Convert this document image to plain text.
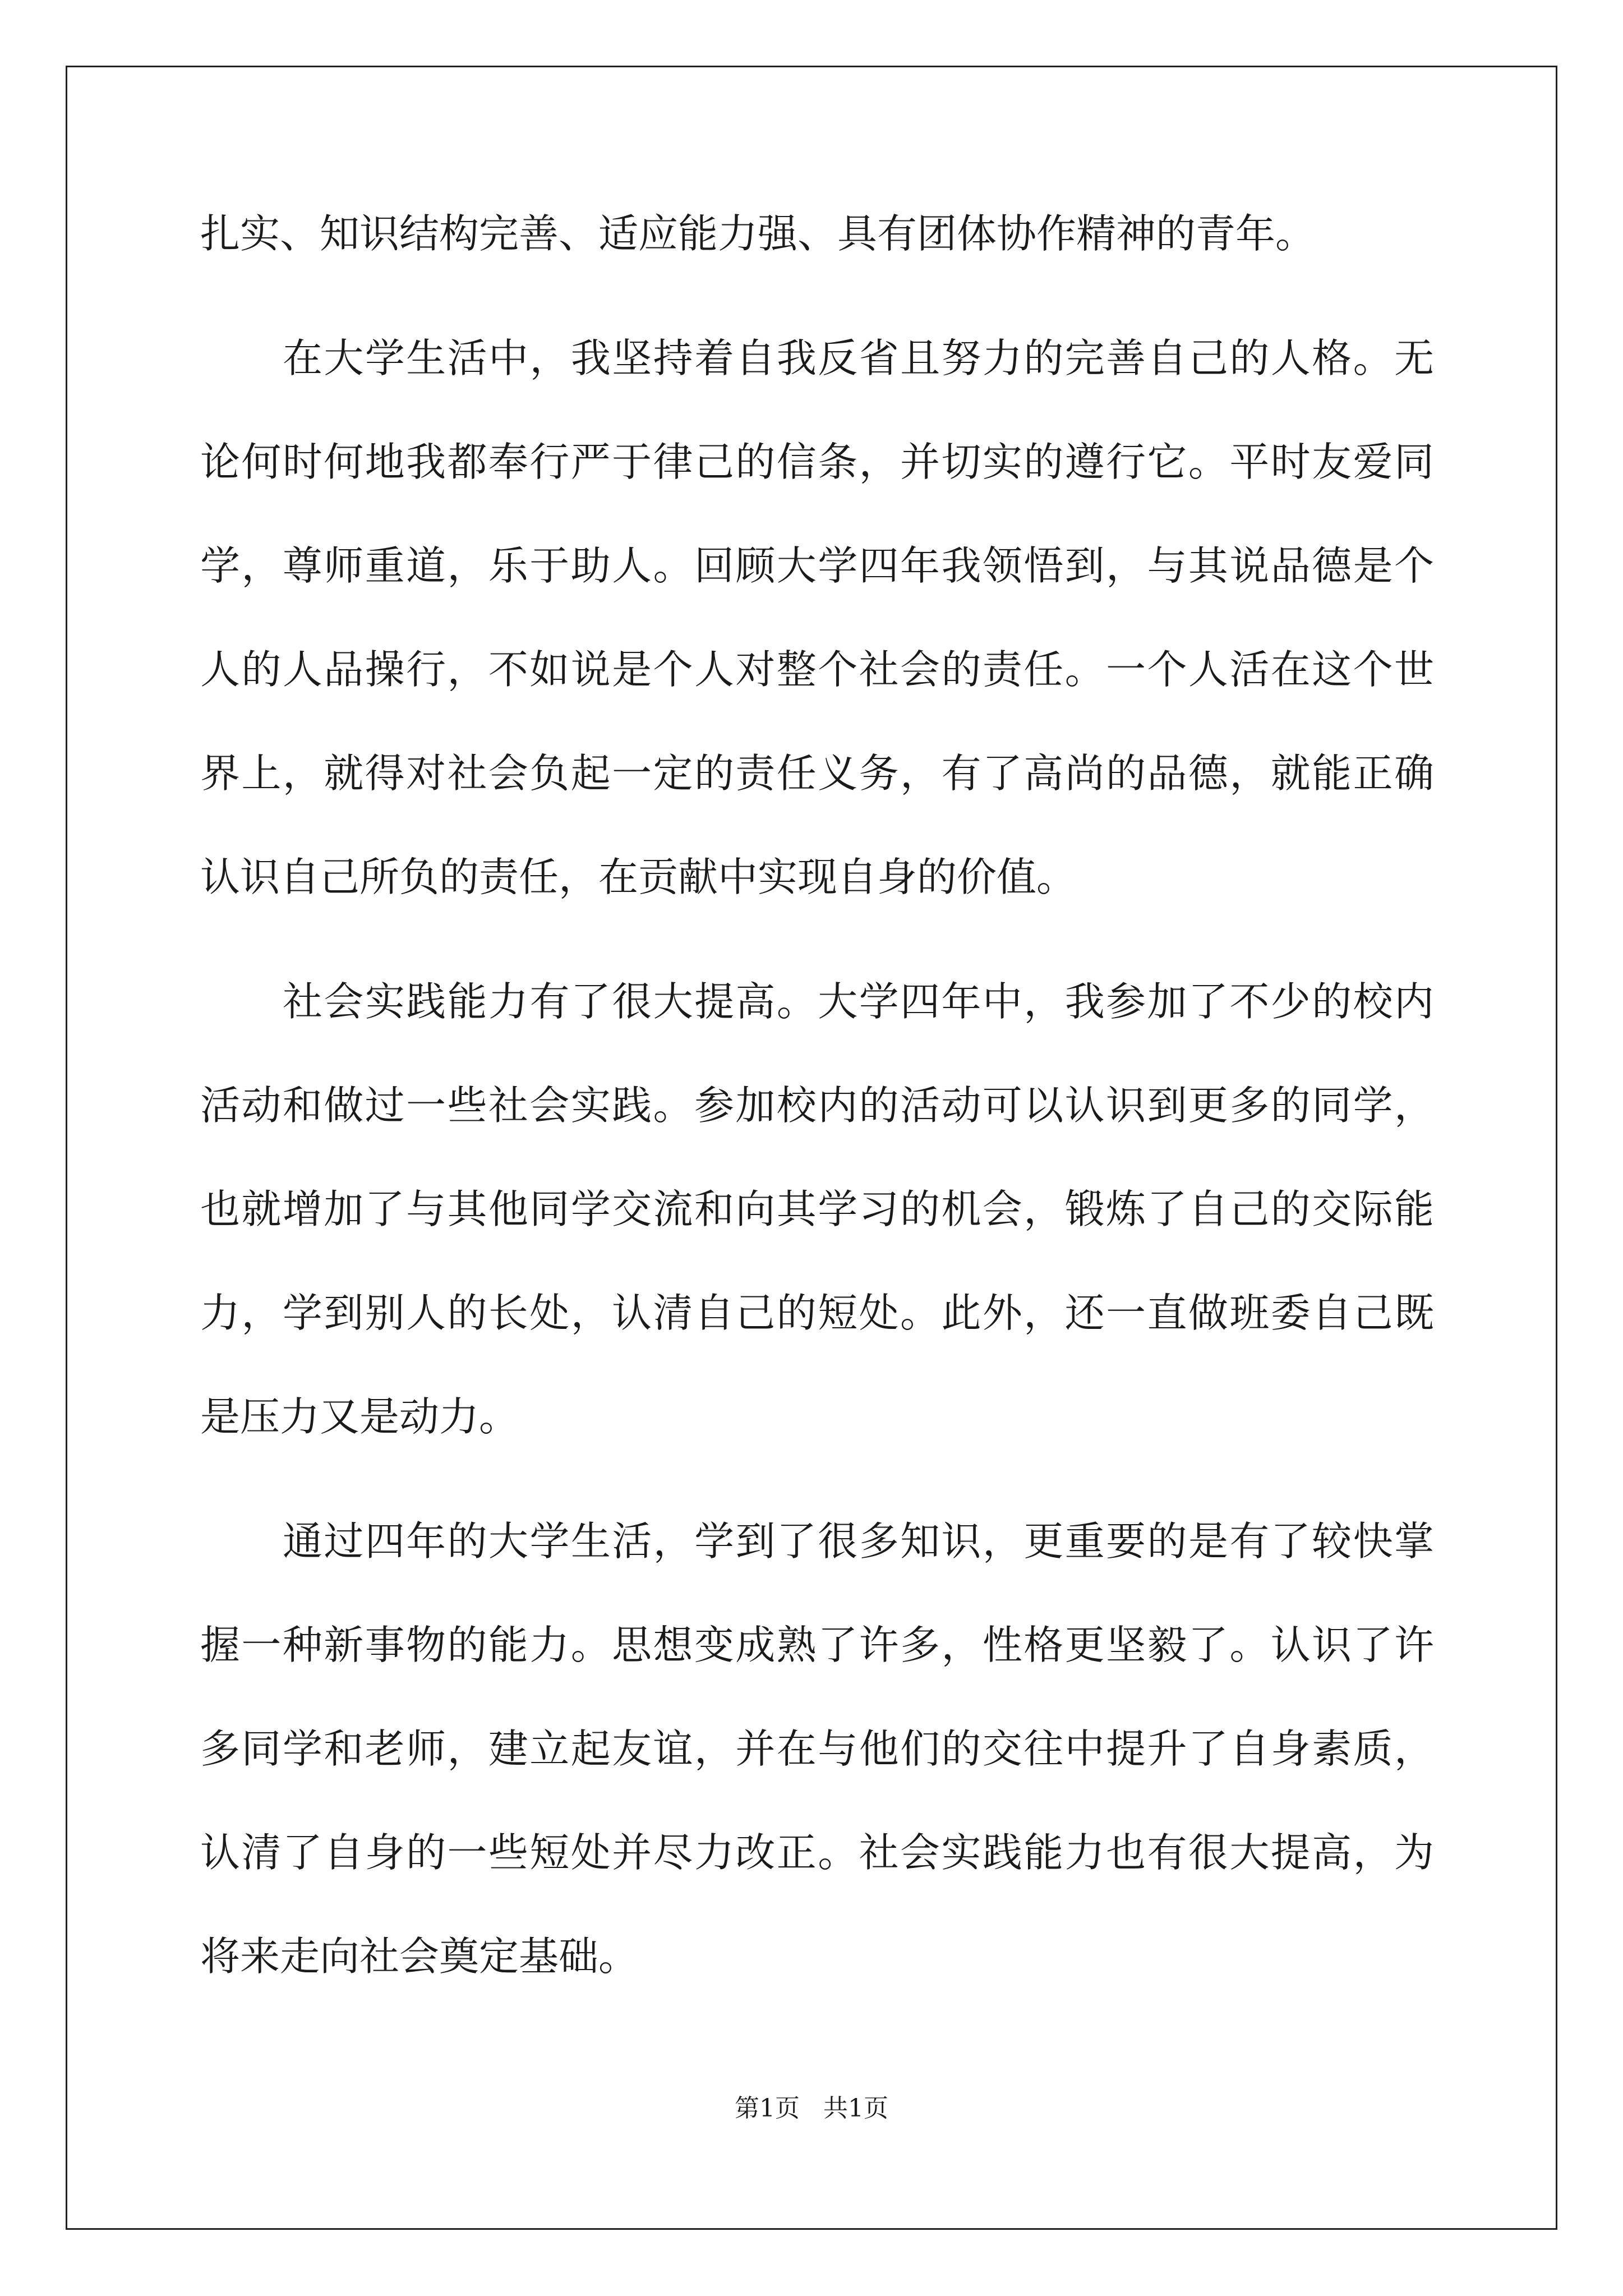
扎实、知识结构完善、适应能力强、具有团体协作精神的青年。

在大学生活中，我坚持着自我反省且努力的完善自己的人格。无

论何时何地我都奉行严于律己的信条，并切实的遵行它。平时友爱同

学，尊师重道，乐于助人。回顾大学四年我领悟到，与其说品德是个

人的人品操行，不如说是个人对整个社会的责任。一个人活在这个世

界上，就得对社会负起一定的责任义务，有了高尚的品德，就能正确

认识自己所负的责任，在贡献中实现自身的价值。

社会实践能力有了很大提高。大学四年中，我参加了不少的校内

活动和做过一些社会实践。参加校内的活动可以认识到更多的同学，

也就增加了与其他同学交流和向其学习的机会，锻炼了自己的交际能

力，学到别人的长处，认清自己的短处。此外，还一直做班委自己既

是压力又是动力。

通过四年的大学生活，学到了很多知识，更重要的是有了较快掌

握一种新事物的能力。思想变成熟了许多，性格更坚毅了。认识了许

多同学和老师，建立起友谊，并在与他们的交往中提升了自身素质，

认清了自身的一些短处并尽力改正。社会实践能力也有很大提高，为

将来走向社会奠定基础。

第1页   共1页
